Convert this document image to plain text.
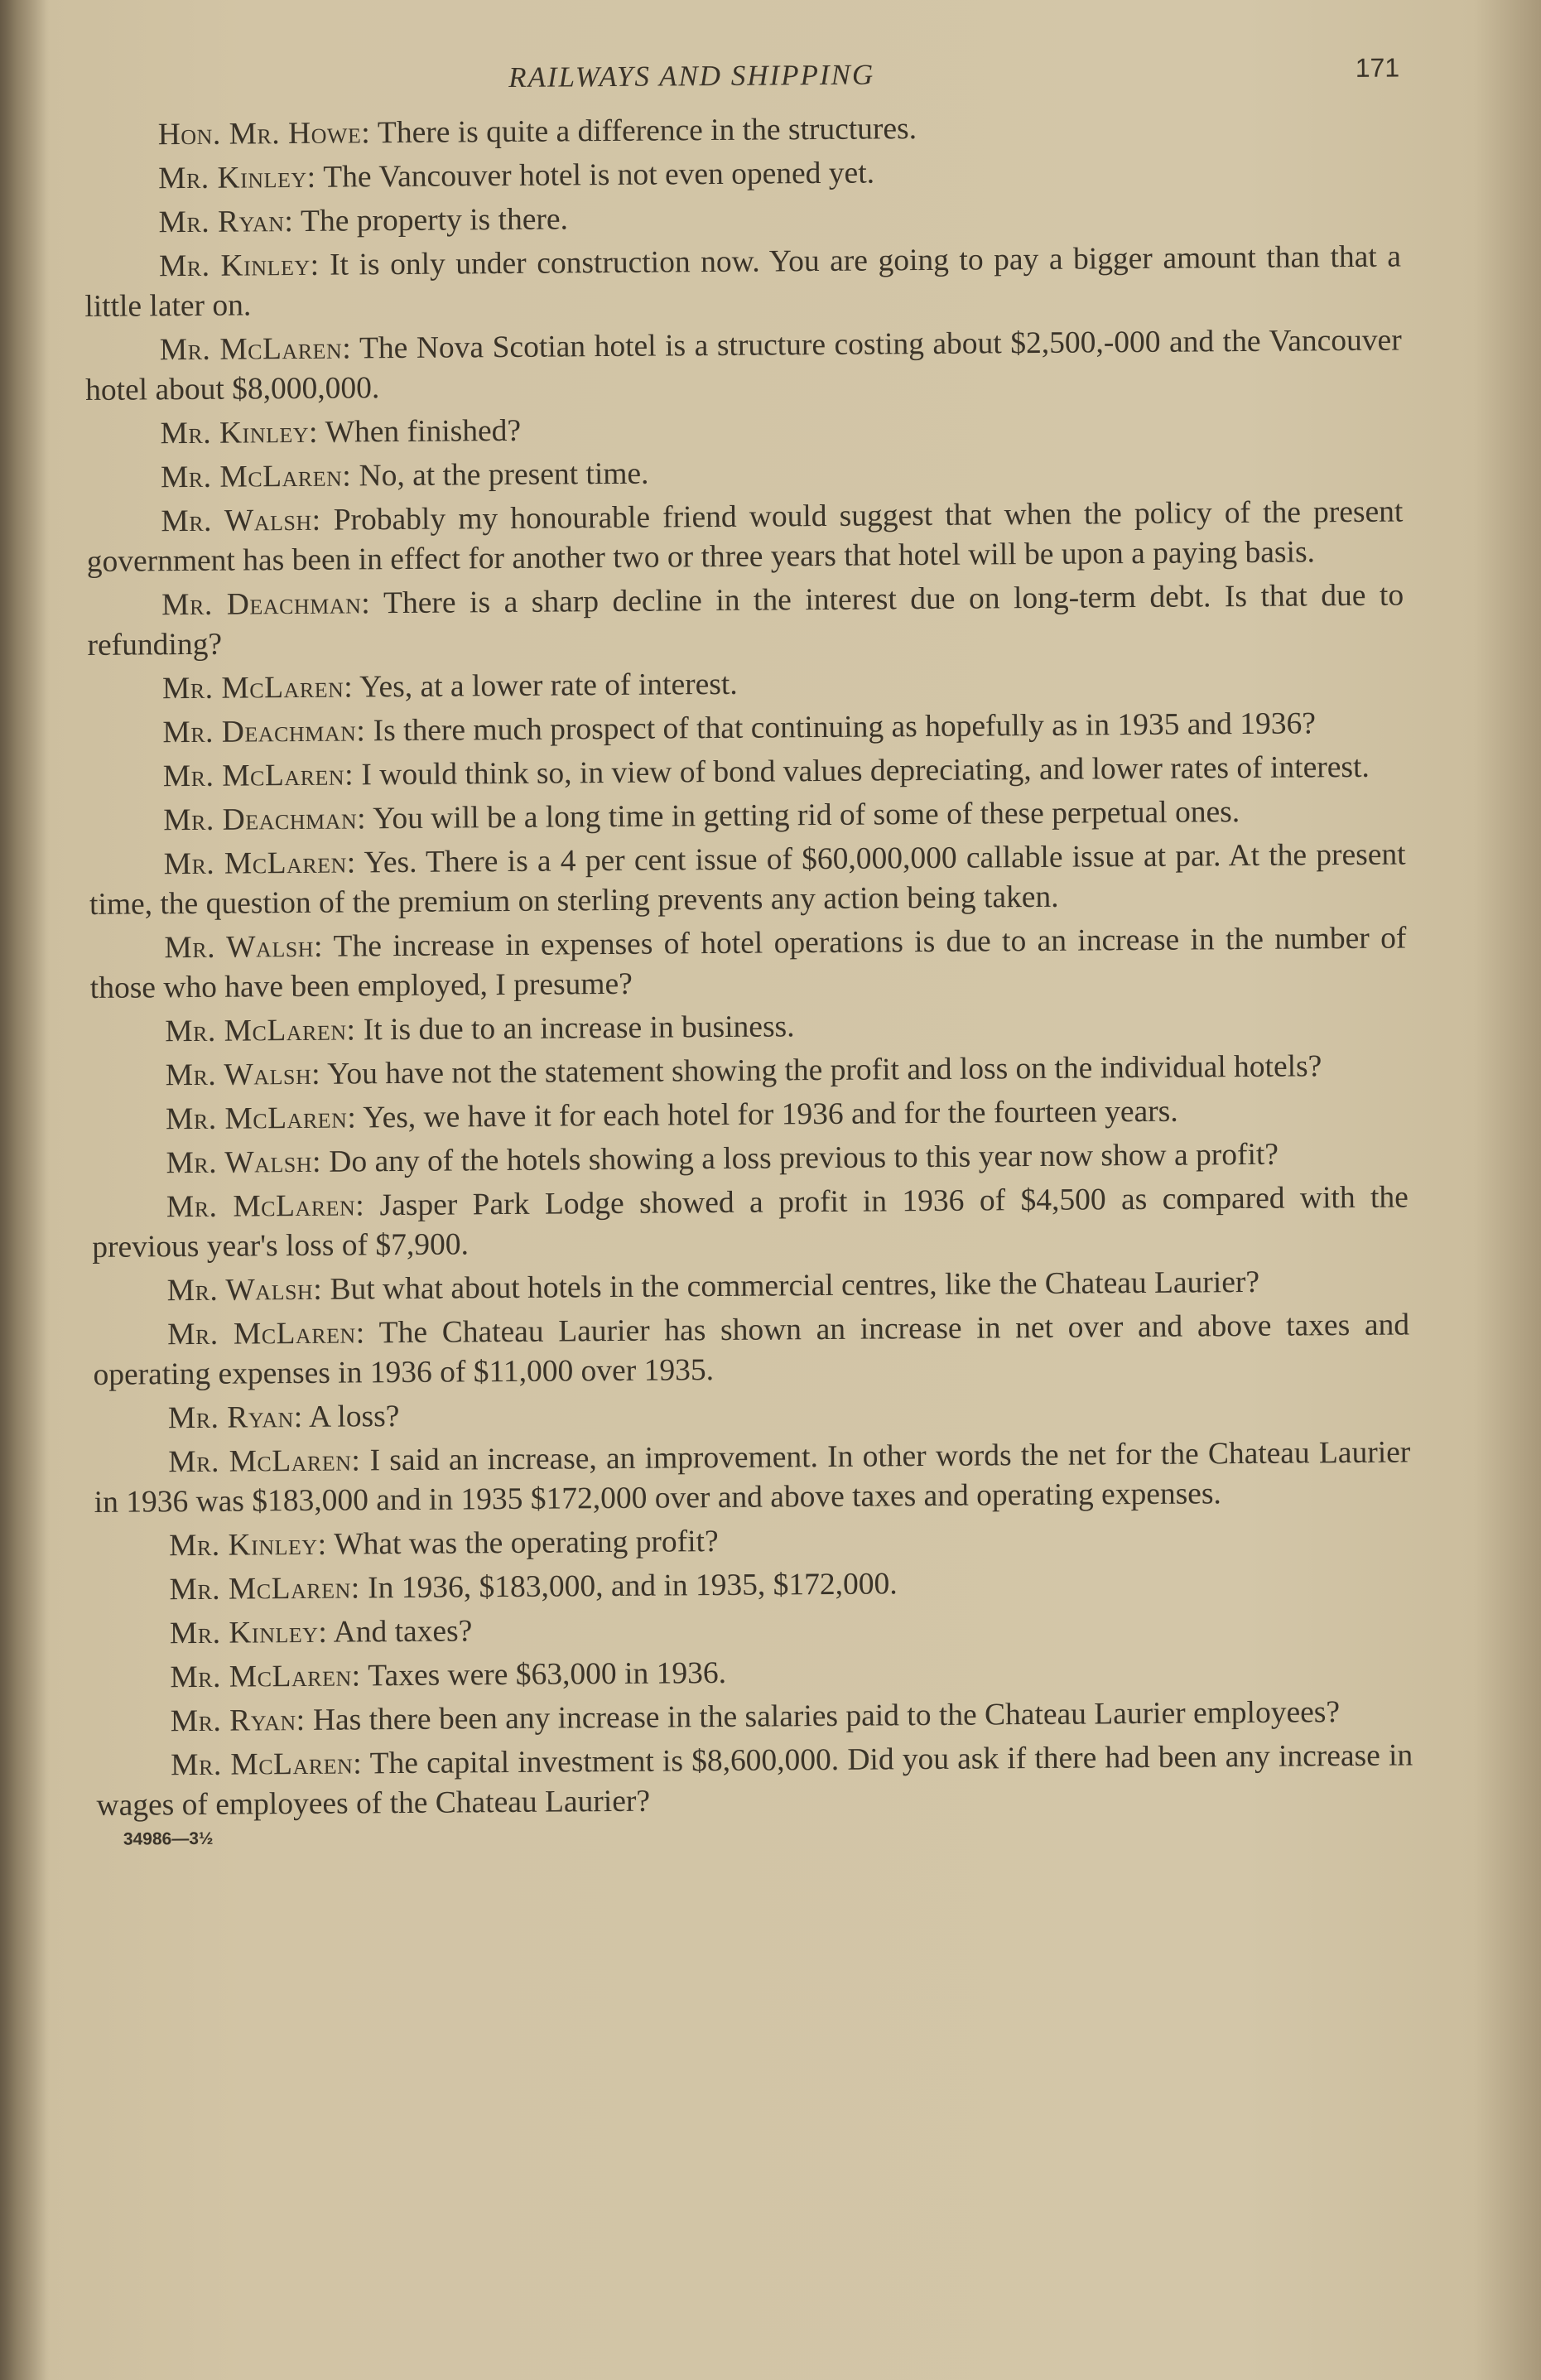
RAILWAYS AND SHIPPING	171

Hon. Mr. Howe: There is quite a difference in the structures.

Mr. Kinley: The Vancouver hotel is not even opened yet.

Mr. Ryan: The property is there.

Mr. Kinley: It is only under construction now. You are going to pay a bigger amount than that a little later on.

Mr. McLaren: The Nova Scotian hotel is a structure costing about $2,500,-000 and the Vancouver hotel about $8,000,000.

Mr. Kinley: When finished?

Mr. McLaren: No, at the present time.

Mr. Walsh: Probably my honourable friend would suggest that when the policy of the present government has been in effect for another two or three years that hotel will be upon a paying basis.

Mr. Deachman: There is a sharp decline in the interest due on long-term debt. Is that due to refunding?

Mr. McLaren: Yes, at a lower rate of interest.

Mr. Deachman: Is there much prospect of that continuing as hopefully as in 1935 and 1936?

Mr. McLaren: I would think so, in view of bond values depreciating, and lower rates of interest.

Mr. Deachman: You will be a long time in getting rid of some of these perpetual ones.

Mr. McLaren: Yes. There is a 4 per cent issue of $60,000,000 callable issue at par. At the present time, the question of the premium on sterling prevents any action being taken.

Mr. Walsh: The increase in expenses of hotel operations is due to an increase in the number of those who have been employed, I presume?

Mr. McLaren: It is due to an increase in business.

Mr. Walsh: You have not the statement showing the profit and loss on the individual hotels?

Mr. McLaren: Yes, we have it for each hotel for 1936 and for the fourteen years.

Mr. Walsh: Do any of the hotels showing a loss previous to this year now show a profit?

Mr. McLaren: Jasper Park Lodge showed a profit in 1936 of $4,500 as compared with the previous year's loss of $7,900.

Mr. Walsh: But what about hotels in the commercial centres, like the Chateau Laurier?

Mr. McLaren: The Chateau Laurier has shown an increase in net over and above taxes and operating expenses in 1936 of $11,000 over 1935.

Mr. Ryan: A loss?

Mr. McLaren: I said an increase, an improvement. In other words the net for the Chateau Laurier in 1936 was $183,000 and in 1935 $172,000 over and above taxes and operating expenses.

Mr. Kinley: What was the operating profit?

Mr. McLaren: In 1936, $183,000, and in 1935, $172,000.

Mr. Kinley: And taxes?

Mr. McLaren: Taxes were $63,000 in 1936.

Mr. Ryan: Has there been any increase in the salaries paid to the Chateau Laurier employees?

Mr. McLaren: The capital investment is $8,600,000. Did you ask if there had been any increase in wages of employees of the Chateau Laurier?

34986—3½
